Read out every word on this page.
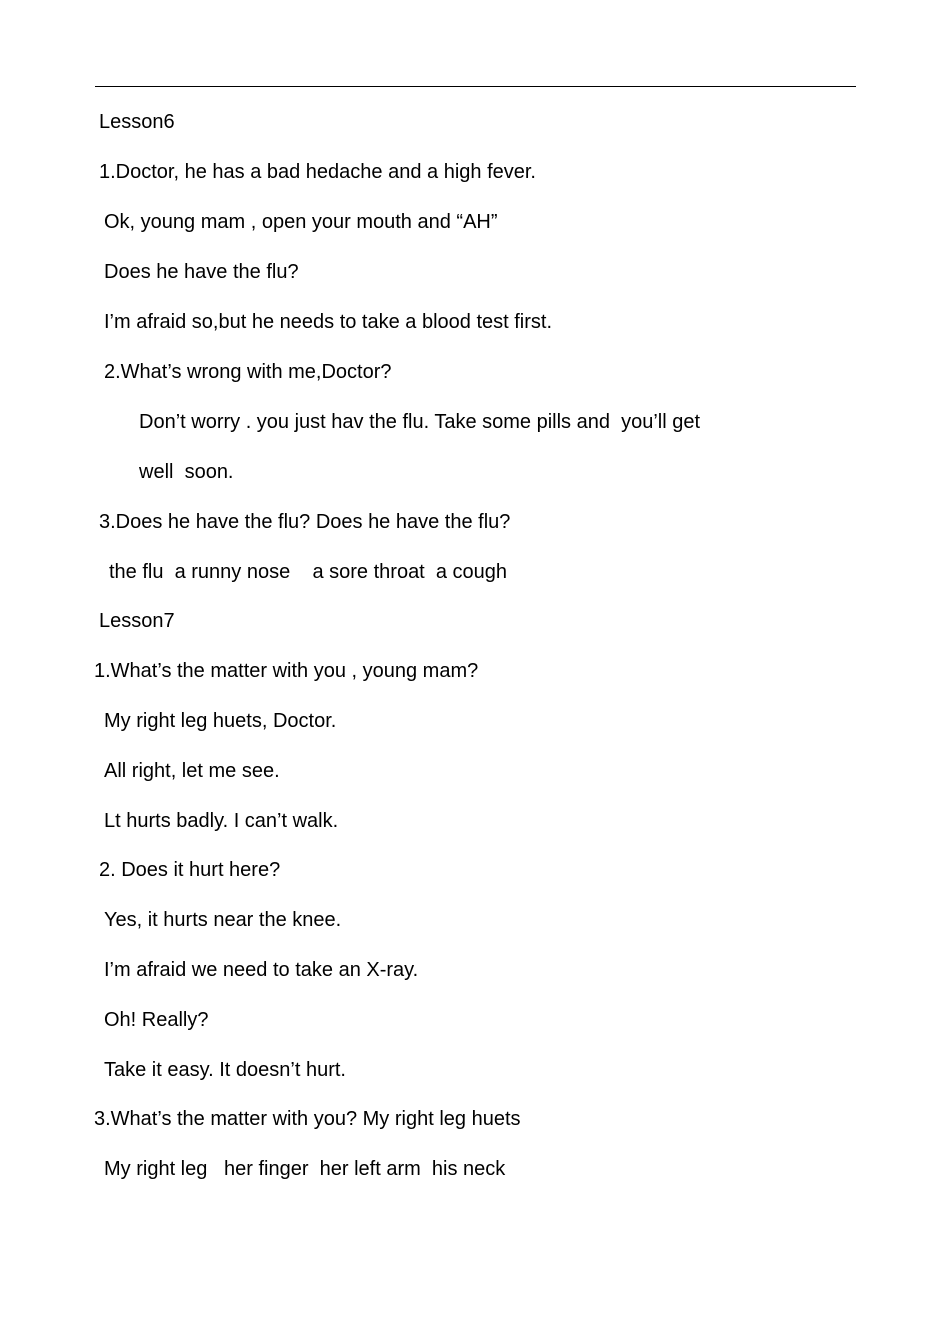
Lesson6
1.Doctor, he has a bad hedache and a high fever.
Ok, young mam , open your mouth and “AH”
Does he have the flu?
I’m afraid so,but he needs to take a blood test first.
2.What’s wrong with me,Doctor?
Don’t worry . you just hav the flu. Take some pills and  you’ll get
well  soon.
3.Does he have the flu? Does he have the flu?
the flu  a runny nose    a sore throat  a cough
Lesson7
1.What’s the matter with you , young mam?
My right leg huets, Doctor.
All right, let me see.
Lt hurts badly. I can’t walk.
2. Does it hurt here?
Yes, it hurts near the knee.
I’m afraid we need to take an X-ray.
Oh! Really?
Take it easy. It doesn’t hurt.
3.What’s the matter with you? My right leg huets
My right leg   her finger  her left arm  his neck
